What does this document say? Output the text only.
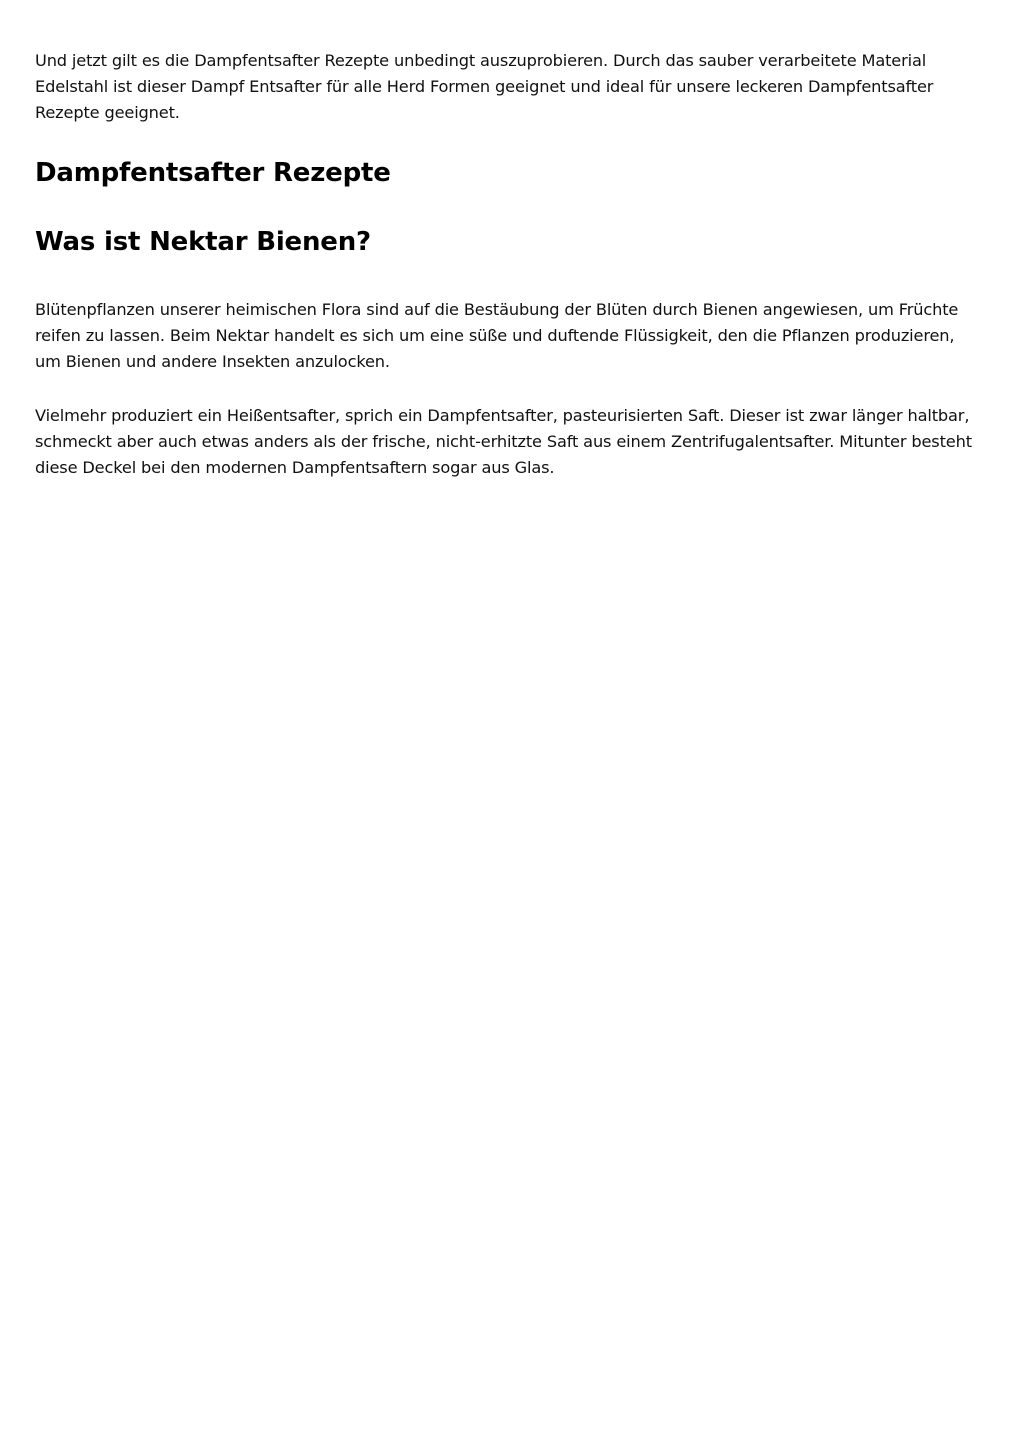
Und jetzt gilt es die Dampfentsafter Rezepte unbedingt auszuprobieren. Durch das sauber verarbeitete Material Edelstahl ist dieser Dampf Entsafter für alle Herd Formen geeignet und ideal für unsere leckeren Dampfentsafter Rezepte geeignet.

Dampfentsafter Rezepte
Was ist Nektar Bienen?

Blütenpflanzen unserer heimischen Flora sind auf die Bestäubung der Blüten durch Bienen angewiesen, um Früchte reifen zu lassen. Beim Nektar handelt es sich um eine süße und duftende Flüssigkeit, den die Pflanzen produzieren, um Bienen und andere Insekten anzulocken.

Vielmehr produziert ein Heißentsafter, sprich ein Dampfentsafter, pasteurisierten Saft. Dieser ist zwar länger haltbar, schmeckt aber auch etwas anders als der frische, nicht-erhitzte Saft aus einem Zentrifugalentsafter. Mitunter besteht diese Deckel bei den modernen Dampfentsaftern sogar aus Glas.
